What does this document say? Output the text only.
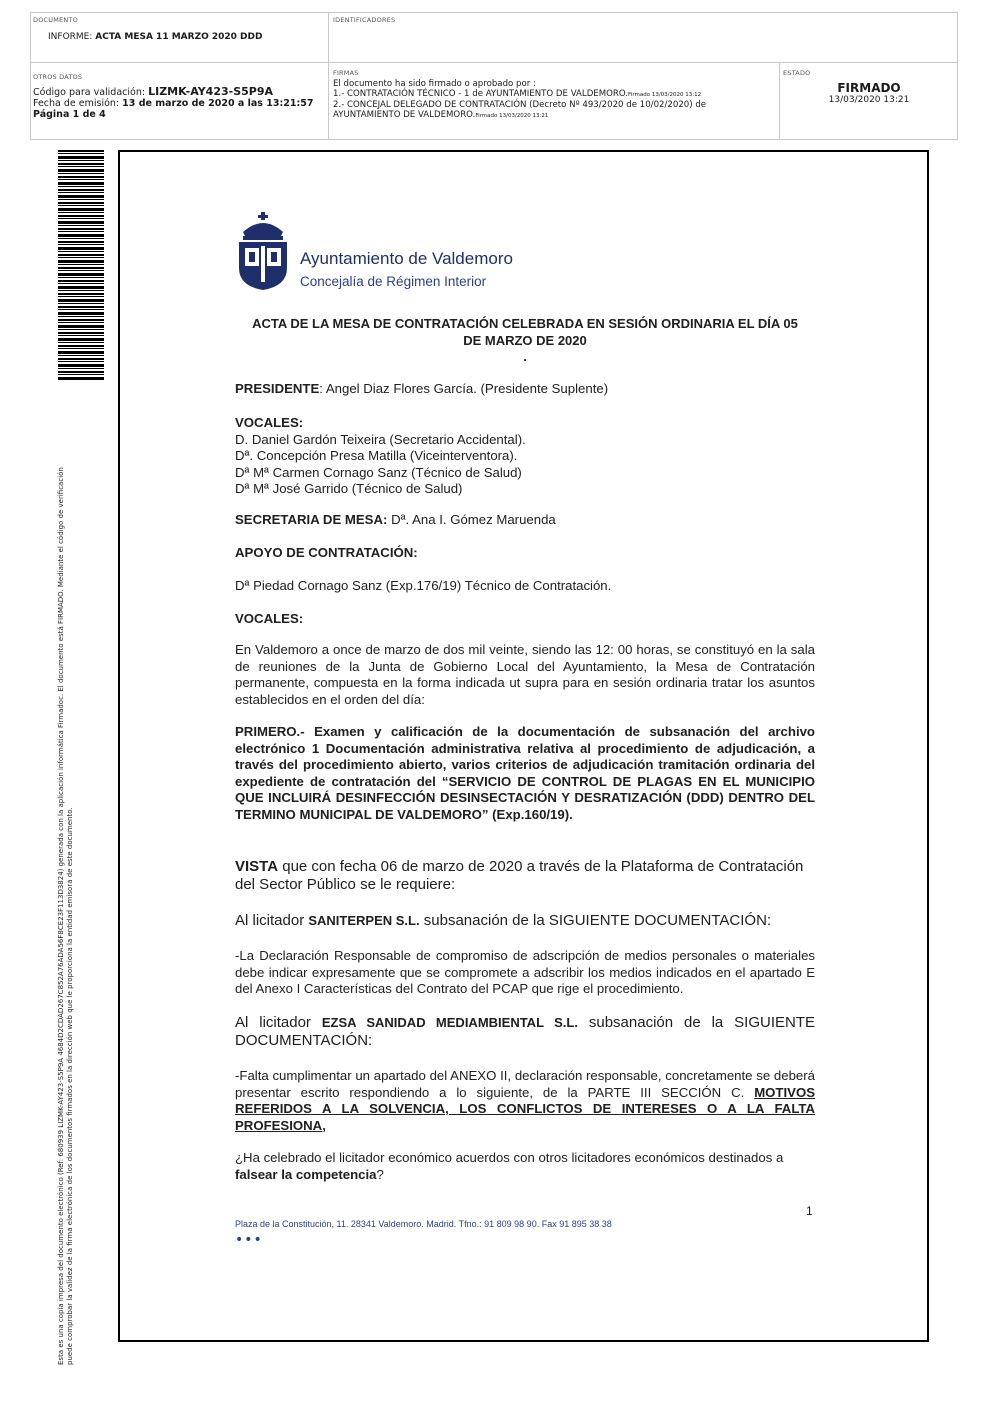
DOCUMENTO
INFORME: ACTA MESA 11 MARZO 2020 DDD
IDENTIFICADORES
OTROS DATOS
Código para validación: LIZMK-AY423-S5P9A
Fecha de emisión: 13 de marzo de 2020 a las 13:21:57
Página 1 de 4
FIRMAS
El documento ha sido firmado o aprobado por :
1.- CONTRATACIÓN TÉCNICO - 1 de AYUNTAMIENTO DE VALDEMORO.Firmado 13/03/2020 13:12
2.- CONCEJAL DELEGADO DE CONTRATACIÓN (Decreto Nº 493/2020 de 10/02/2020) de AYUNTAMIENTO DE VALDEMORO.Firmado 13/03/2020 13:21
ESTADO
FIRMADO
13/03/2020 13:21
Esta es una copia impresa del documento electrónico (Ref: 680939 LIZMK-AY423-S5P9A 4684D2CDAD267C852A76ADA56F8CE23F113D3824) generada con la aplicación informática Firmadoc. El documento está FIRMADO. Mediante el código de verificación puede comprobar la validez de la firma electrónica de los documentos firmados en la dirección web que le proporciona la entidad emisora de este documento.
Ayuntamiento de Valdemoro
Concejalía de Régimen Interior
ACTA DE LA MESA DE CONTRATACIÓN CELEBRADA EN SESIÓN ORDINARIA EL DÍA 05
DE MARZO DE 2020
.
PRESIDENTE: Angel Diaz Flores García. (Presidente Suplente)
VOCALES:
D. Daniel Gardón Teixeira (Secretario Accidental).
Dª. Concepción Presa Matilla (Viceinterventora).
Dª Mª Carmen Cornago Sanz (Técnico de Salud)
Dª Mª José Garrido (Técnico de Salud)
SECRETARIA DE MESA: Dª. Ana I. Gómez Maruenda
APOYO DE CONTRATACIÓN:
Dª Piedad Cornago Sanz (Exp.176/19) Técnico de Contratación.
VOCALES:
En Valdemoro a once de marzo de dos mil veinte, siendo las 12: 00 horas, se constituyó en la sala de reuniones de la Junta de Gobierno Local del Ayuntamiento, la Mesa de Contratación permanente, compuesta en la forma indicada ut supra para en sesión ordinaria tratar los asuntos establecidos en el orden del día:
PRIMERO.- Examen y calificación de la documentación de subsanación del archivo electrónico 1 Documentación administrativa relativa al procedimiento de adjudicación, a través del procedimiento abierto, varios criterios de adjudicación tramitación ordinaria del expediente de contratación del “SERVICIO DE CONTROL DE PLAGAS EN EL MUNICIPIO QUE INCLUIRÁ DESINFECCIÓN DESINSECTACIÓN Y DESRATIZACIÓN (DDD) DENTRO DEL TERMINO MUNICIPAL DE VALDEMORO” (Exp.160/19).
VISTA que con fecha 06 de marzo de 2020 a través de la Plataforma de Contratación del Sector Público se le requiere:
Al licitador SANITERPEN S.L. subsanación de la SIGUIENTE DOCUMENTACIÓN:
-La Declaración Responsable de compromiso de adscripción de medios personales o materiales debe indicar expresamente que se compromete a adscribir los medios indicados en el apartado E del Anexo I Características del Contrato del PCAP que rige el procedimiento.
Al licitador EZSA SANIDAD MEDIAMBIENTAL S.L. subsanación de la SIGUIENTE DOCUMENTACIÓN:
-Falta cumplimentar un apartado del ANEXO II, declaración responsable, concretamente se deberá presentar escrito respondiendo a lo siguiente, de la PARTE III SECCIÓN C. MOTIVOS REFERIDOS A LA SOLVENCIA, LOS CONFLICTOS DE INTERESES O A LA FALTA PROFESIONA,
¿Ha celebrado el licitador económico acuerdos con otros licitadores económicos destinados a falsear la competencia?
1
Plaza de la Constitución, 11. 28341 Valdemoro. Madrid. Tfno.: 91 809 98 90. Fax 91 895 38 38
•••
